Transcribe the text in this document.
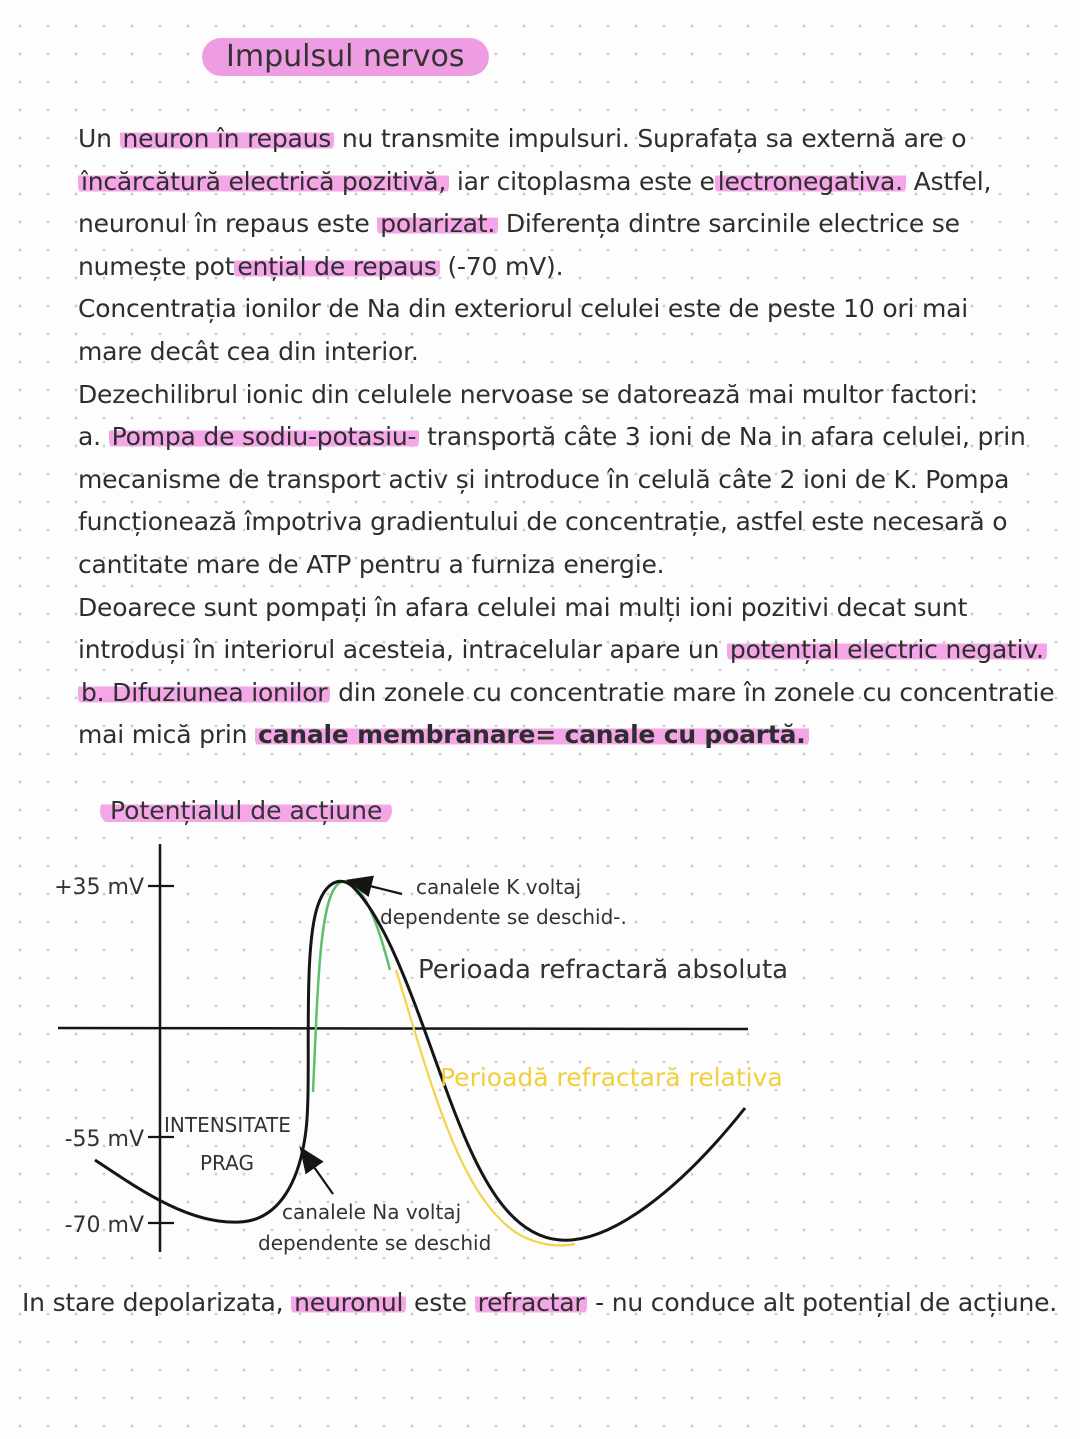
Impulsul nervos
Un neuron în repaus nu transmite impulsuri. Suprafața sa externă are o
încărcătură electrică pozitivă, iar citoplasma este e lectronegativa. Astfel,
neuronul în repaus este polarizat. Diferența dintre sarcinile electrice se
numește pot ențial de repaus (-70 mV).
Concentrația ionilor de Na din exteriorul celulei este de peste 10 ori mai
mare decât cea din interior.
Dezechilibrul ionic din celulele nervoase se datorează mai multor factori:
a. Pompa de sodiu-potasiu- transportă câte 3 ioni de Na in afara celulei, prin
mecanisme de transport activ și introduce în celulă câte 2 ioni de K. Pompa
funcționează împotriva gradientului de concentrație, astfel este necesară o
cantitate mare de ATP pentru a furniza energie.
Deoarece sunt pompați în afara celulei mai mulți ioni pozitivi decat sunt
introduși în interiorul acesteia, intracelular apare un potențial electric negativ.
b. Difuziunea ionilor din zonele cu concentratie mare în zonele cu concentratie
mai mică prin canale membranare= canale cu poartă.
Potențialul de acțiune
+35 mV
-55 mV
-70 mV
canalele K voltaj
dependente se deschid-.
Perioada refractară absoluta
Perioadă refractară relativa
INTENSITATE
PRAG
canalele Na voltaj
dependente se deschid
In stare depolarizata, neuronul este refractar - nu conduce alt potențial de acțiune.
